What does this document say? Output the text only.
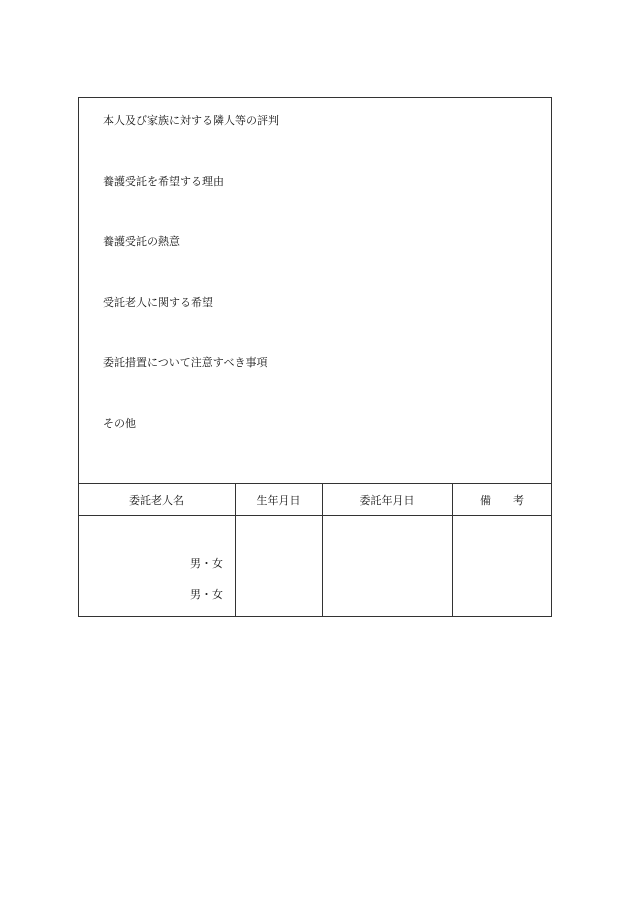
本人及び家族に対する隣人等の評判
養護受託を希望する理由
養護受託の熱意
受託老人に関する希望
委託措置について注意すべき事項
その他
委託老人名	生年月日	委託年月日	備　　考
男・女
男・女
